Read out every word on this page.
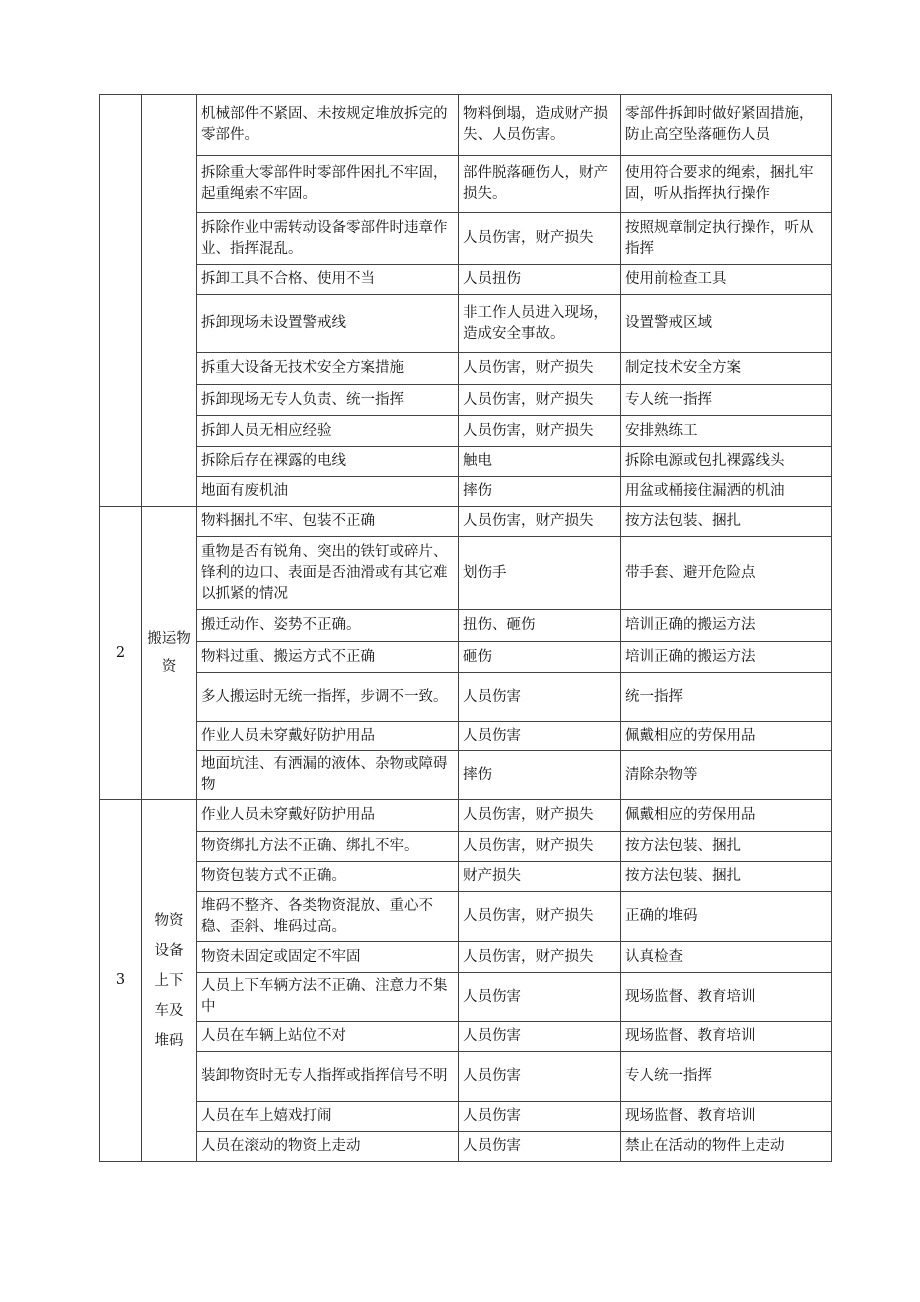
		机械部件不紧固、未按规定堆放拆完的零部件。	物料倒塌，造成财产损失、人员伤害。	零部件拆卸时做好紧固措施，防止高空坠落砸伤人员
		拆除重大零部件时零部件困扎不牢固，起重绳索不牢固。	部件脱落砸伤人，财产损失。	使用符合要求的绳索，捆扎牢固，听从指挥执行操作
		拆除作业中需转动设备零部件时违章作业、指挥混乱。	人员伤害，财产损失	按照规章制定执行操作，听从指挥
		拆卸工具不合格、使用不当	人员扭伤	使用前检查工具
		拆卸现场未设置警戒线	非工作人员进入现场，造成安全事故。	设置警戒区域
		拆重大设备无技术安全方案措施	人员伤害，财产损失	制定技术安全方案
		拆卸现场无专人负责、统一指挥	人员伤害，财产损失	专人统一指挥
		拆卸人员无相应经验	人员伤害，财产损失	安排熟练工
		拆除后存在裸露的电线	触电	拆除电源或包扎裸露线头
		地面有废机油	摔伤	用盆或桶接住漏洒的机油
2	搬运物资	物料捆扎不牢、包装不正确	人员伤害，财产损失	按方法包装、捆扎
		重物是否有锐角、突出的铁钉或碎片、锋利的边口、表面是否油滑或有其它难以抓紧的情况	划伤手	带手套、避开危险点
		搬迁动作、姿势不正确。	扭伤、砸伤	培训正确的搬运方法
		物料过重、搬运方式不正确	砸伤	培训正确的搬运方法
		多人搬运时无统一指挥，步调不一致。	人员伤害	统一指挥
		作业人员未穿戴好防护用品	人员伤害	佩戴相应的劳保用品
		地面坑洼、有洒漏的液体、杂物或障碍物	摔伤	清除杂物等
3	物资设备上下车及堆码	作业人员未穿戴好防护用品	人员伤害，财产损失	佩戴相应的劳保用品
		物资绑扎方法不正确、绑扎不牢。	人员伤害，财产损失	按方法包装、捆扎
		物资包装方式不正确。	财产损失	按方法包装、捆扎
		堆码不整齐、各类物资混放、重心不稳、歪斜、堆码过高。	人员伤害，财产损失	正确的堆码
		物资未固定或固定不牢固	人员伤害，财产损失	认真检查
		人员上下车辆方法不正确、注意力不集中	人员伤害	现场监督、教育培训
		人员在车辆上站位不对	人员伤害	现场监督、教育培训
		装卸物资时无专人指挥或指挥信号不明	人员伤害	专人统一指挥
		人员在车上嬉戏打闹	人员伤害	现场监督、教育培训
		人员在滚动的物资上走动	人员伤害	禁止在活动的物件上走动
